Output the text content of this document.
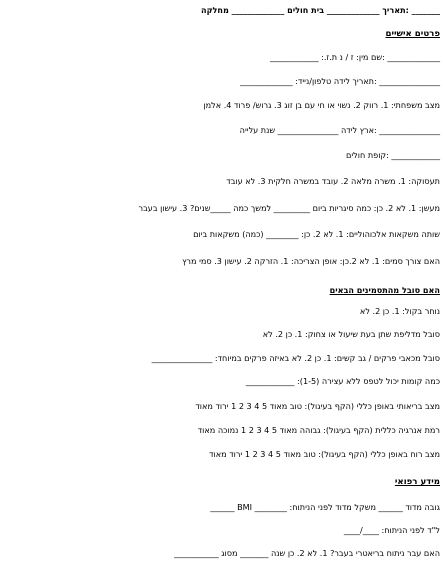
_______ :תאריך _____________ בית חולים _____________ מחלקה
פרטים אישיים
_____________ :שם מין: ז / נ ת.ז.: ____________
_______________ :תאריך לידה טלפון/נייד: _____________
מצב משפחתי: 1. רווק 2. נשוי או חי עם בן זוג 3. גרוש/ פרוד 4. אלמן
_______________ :ארץ לידה _______________ שנת עלייה
____________ :קופת חולים
תעסוקה: 1. משרה מלאה 2. עובד במשרה חלקית 3. לא עובד
מעשן: 1. לא 2. כן: כמה סיגריות ביום _________ למשך כמה _____שנים? 3. עישון בעבר
שותה משקאות אלכוהוליים: 1. לא 2. כן: ________ (כמה) משקאות ביום
האם צורך סמים: 1. לא 2.כן: אופן הצריכה: 1. הזרקה 2. עישון 3. סמי מרץ
האם סובל מהתסמינים הבאים
נוחר בקול: 1. כן 2. לא
סובל מדליפת שתן בעת שיעול או צחוק: 1. כן 2. לא
סובל מכאבי פרקים / גב קשים: 1. כן 2. לא באיזה פרקים במיוחד: _______________
כמה קומות יכול לטפס ללא עצירה (1-5): ____________
מצב בריאותי באופן כללי (הקף בעיגול): טוב מאוד 5 4 3 2 1 ירוד מאוד
רמת אנרגיה כללית (הקף בעיגול): גבוהה מאוד 5 4 3 2 1 נמוכה מאוד
מצב רוח באופן כללי (הקף בעיגול): טוב מאוד 5 4 3 2 1 ירוד מאוד
מידע רפואי
גובה מדוד ______ משקל מדוד לפני הניתוח: ________ BMI ______
ל"ד לפני הניתוח: ____/____
האם עבר ניתוח בריאטרי בעבר? 1. לא 2. כן שנה _______ מסוג ___________
